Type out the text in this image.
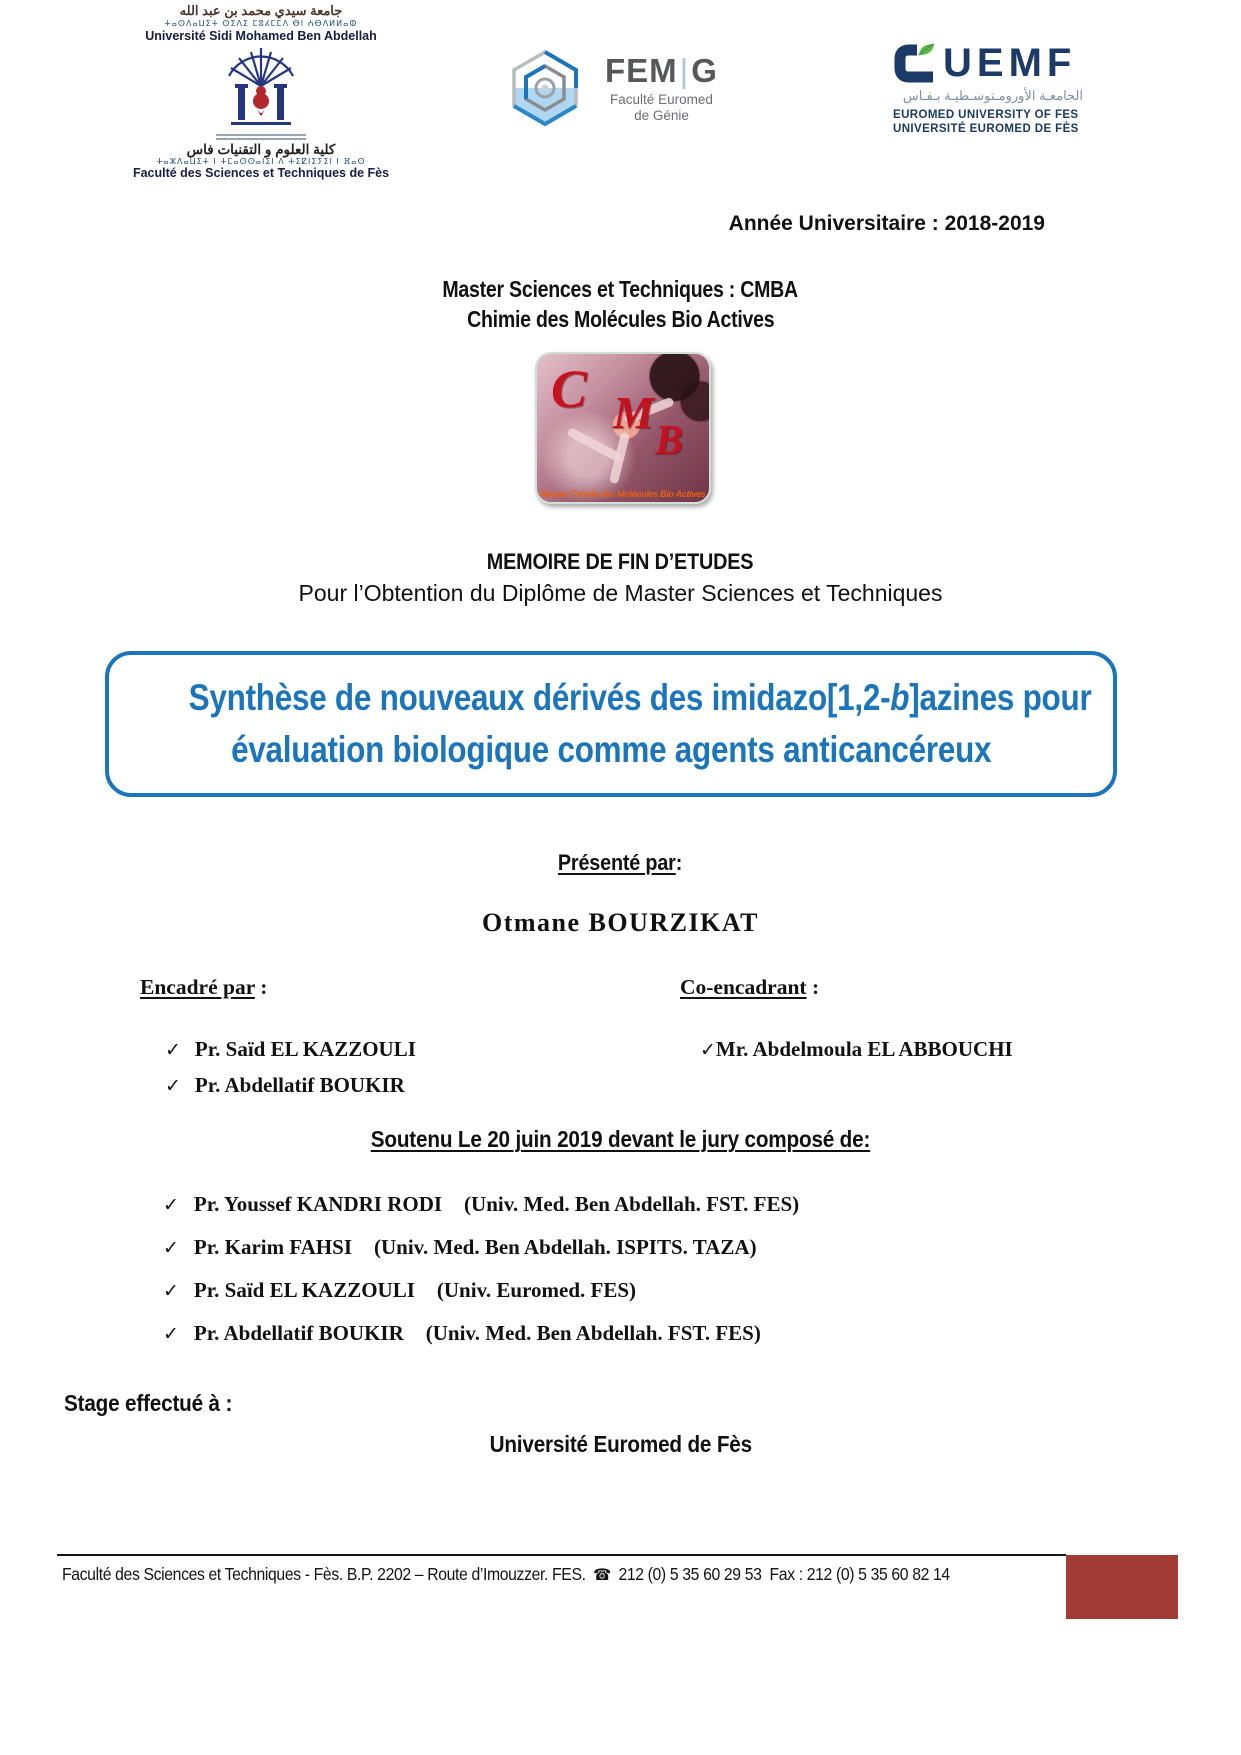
جامعة سيدي محمد بن عبد الله
ⵜⴰⵙⴷⴰⵡⵉⵜ ⵙⵉⴷⵉ ⵎⵓⵃⵎⵎⴷ ⴱⵏ ⵄⴱⴷⵍⵍⴰⵀ
Université Sidi Mohamed Ben Abdellah
كلية العلوم و التقنيات فاس
ⵜⴰⵣⴷⴰⵡⵉⵜ ⵏ ⵜⵎⴰⵙⵙⴰⵏⵉⵏ ⴷ ⵜⵉⵇⵏⵉⵢⵉⵏ ⵏ ⴼⴰⵙ
Faculté des Sciences et Techniques de Fès
FEM|G
Faculté Euromed
de Génie
UEMF
الجامعـة الأورومـتوسـطيـة بـفـاس
EUROMED UNIVERSITY OF FES
UNIVERSITÉ EUROMED DE FÈS
Année Universitaire : 2018-2019
Master Sciences et Techniques : CMBA
Chimie des Molécules Bio Actives
C M
B
Master Chimie des Molécules Bio Actives
MEMOIRE DE FIN D’ETUDES
Pour l’Obtention du Diplôme de Master Sciences et Techniques
Synthèse de nouveaux dérivés des imidazo[1,2-b]azines pour
évaluation biologique comme agents anticancéreux
Présenté par:
Otmane BOURZIKAT
Encadré par :	Co-encadrant :
✓ Pr. Saïd EL KAZZOULI
✓ Pr. Abdellatif BOUKIR
✓Mr. Abdelmoula EL ABBOUCHI
Soutenu Le 20 juin 2019 devant le jury composé de:
✓ Pr. Youssef KANDRI RODI (Univ. Med. Ben Abdellah. FST. FES)
✓ Pr. Karim FAHSI (Univ. Med. Ben Abdellah. ISPITS. TAZA)
✓ Pr. Saïd EL KAZZOULI (Univ. Euromed. FES)
✓ Pr. Abdellatif BOUKIR (Univ. Med. Ben Abdellah. FST. FES)
Stage effectué à :
Université Euromed de Fès
Faculté des Sciences et Techniques - Fès. B.P. 2202 – Route d’Imouzzer. FES. ☎ 212 (0) 5 35 60 29 53 Fax : 212 (0) 5 35 60 82 14
